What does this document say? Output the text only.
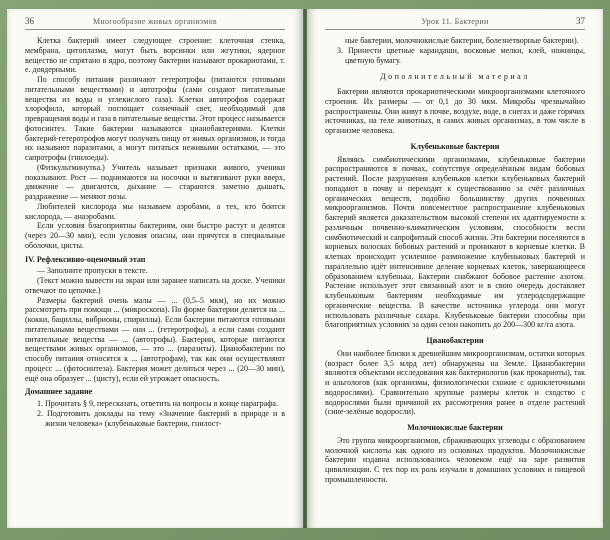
36	Многообразие живых организмов
Клетка бактерий имеет следующее строение: клеточная стенка, мембрана, цитоплазма, могут быть ворсинки или жгутики, ядерное вещество не спрятано в ядро, поэтому бактерии называют прокариотами, т. е. доядерными.
По способу питания различают гетеротрофы (питаются готовыми питательными веществами) и автотрофы (сами создают питательные вещества из воды и углекислого газа). Клетки автотрофов содержат хлорофилл, который поглощает солнечный свет, необходимый для превращения воды и газа в питательные вещества. Этот процесс называется фотосинтез. Такие бактерии называются цианобактериями. Клетки бактерий-гетеротрофов могут получать пищу от живых организмов, и тогда их называют паразитами, а могут питаться неживыми остатками, — это сапротрофы (гнилоеды).
(Физкультминутка.) Учитель называет признаки живого, ученики показывают. Рост — поднимаются на носочки и вытягивают руки вверх, движение — двигаются, дыхание — стараются заметно дышать, раздражение — меняют позы.
Любителей кислорода мы называем аэробами, а тех, кто боится кислорода, — анаэробами.
Если условия благоприятны бактериям, они быстро растут и делятся (через 20—30 мин), если условия опасны, они прячутся в специальные оболочки, цисты.
IV. Рефлексивно-оценочный этап
— Заполните пропуски в тексте.
(Текст можно вывести на экран или заранее написать на доске. Ученики отвечают по цепочке.)
Размеры бактерий очень малы — ... (0,5–5 мкм), но их можно рассмотреть при помощи ... (микроскопа). По форме бактерии делятся на ... (кокки, бациллы, вибрионы, спириллы). Если бактерии питаются готовыми питательными веществами — они ... (гетеротрофы), а если сами создают питательные вещества — ... (автотрофы). Бактерии, которые питаются веществами живых организмов, — это ... (паразиты). Цианобактерии по способу питания относятся к ... (автотрофам), так как они осуществляют процесс ... (фотосинтеза). Бактерия может делиться через ... (20—30 мин), ещё она образует ... (цисту), если ей угрожает опасность.
Домашнее задание
1. Прочитать § 9, пересказать, ответить на вопросы в конце параграфа.
2. Подготовить доклады на тему «Значение бактерий в природе и в жизни человека» (клубеньковые бактерии, гнилост-
Урок 11. Бактерии	37
ные бактерии, молочнокислые бактерии, болезнетворные бактерии).
3. Принести цветные карандаши, восковые мелки, клей, ножницы, цветную бумагу.
Дополнительный материал
Бактерии являются прокариотическими микроорганизмами клеточного строения. Их размеры — от 0,1 до 30 мкм. Микробы чрезвычайно распространены. Они живут в почве, воздухе, воде, в снегах и даже горячих источниках, на теле животных, в самих живых организмах, в том числе в организме человека.
Клубеньковые бактерии
Являясь симбиотическими организмами, клубеньковые бактерии распространяются в почвах, сопутствуя определённым видам бобовых растений. После разрушения клубеньков клетки клубеньковых бактерий попадают в почву и переходят к существованию за счёт различных органических веществ, подобно большинству других почвенных микроорганизмов. Почти повсеместное распространение клубеньковых бактерий является доказательством высокой степени их адаптируемости к различным почвенно-климатическим условиям, способности вести симбиотический и сапрофитный способ жизни. Эти бактерии поселяются в корневых волосках бобовых растений и проникают в корневые клетки. В клетках происходит усиленное размножение клубеньковых бактерий и параллельно идёт интенсивное деление корневых клеток, завершающееся образованием клубенька. Бактерии снабжают бобовое растение азотом. Растение использует этот связанный азот и в свою очередь доставляет клубеньковым бактериям необходимые им углеродсодержащие органические вещества. В качестве источника углерода они могут использовать различные сахара. Клубеньковые бактерии способны при благоприятных условиях за один сезон накопить до 200—300 кг/га азота.
Цианобактерии
Они наиболее близки к древнейшим микроорганизмам, остатки которых (возраст более 3,5 млрд лет) обнаружены на Земле. Цианобактерии являются объектами исследования как бактериологов (как прокариоты), так и альгологов (как организмы, физиологически схожие с одноклеточными водорослями). Сравнительно крупные размеры клеток и сходство с водорослями были причиной их рассмотрения ранее в отделе растений (сине-зелёные водоросли).
Молочнокислые бактерии
Это группа микроорганизмов, сбраживающих углеводы с образованием молочной кислоты как одного из основных продуктов. Молочнокислые бактерии издавна использовались человеком ещё на заре развития цивилизации. С тех пор их роль изучали в домашних условиях и пищевой промышленности.
